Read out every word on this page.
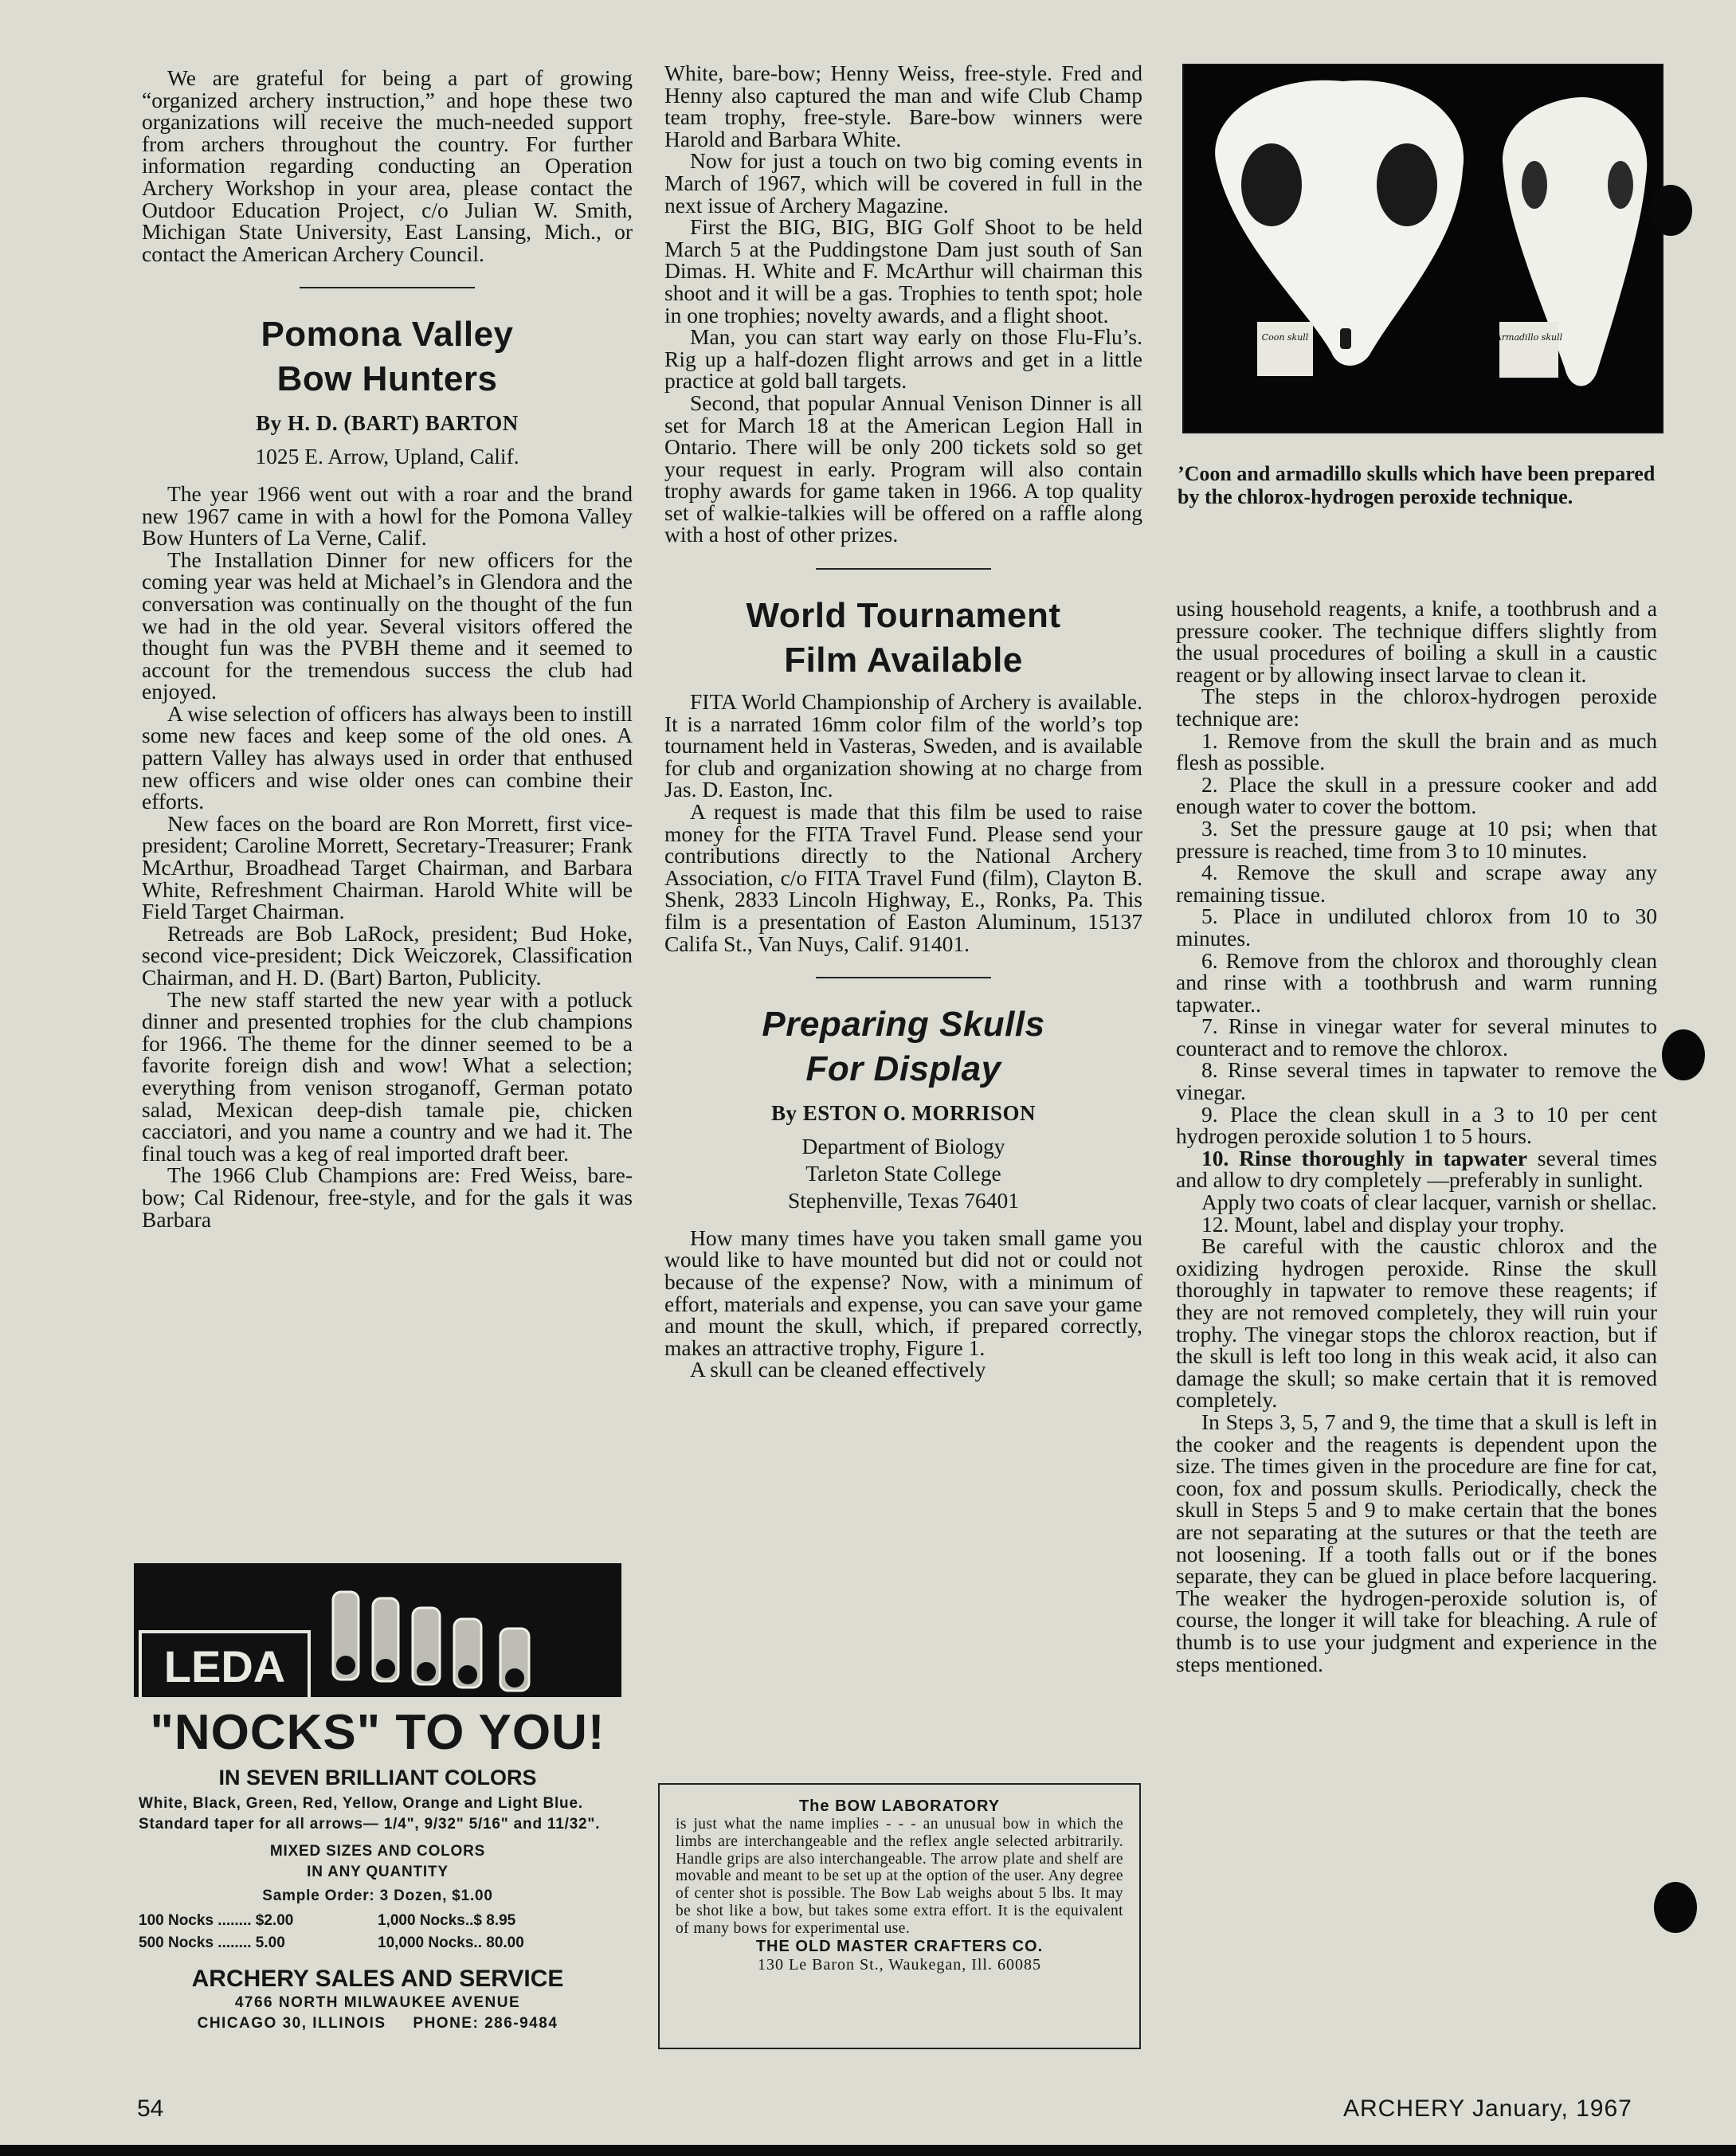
We are grateful for being a part of growing “organized archery instruction,” and hope these two organizations will receive the much-needed support from archers throughout the country. For further information regarding conducting an Operation Archery Workshop in your area, please contact the Outdoor Education Project, c/o Julian W. Smith, Michigan State University, East Lansing, Mich., or contact the American Archery Council.

Pomona Valley
Bow Hunters
By H. D. (BART) BARTON
1025 E. Arrow, Upland, Calif.

The year 1966 went out with a roar and the brand new 1967 came in with a howl for the Pomona Valley Bow Hunters of La Verne, Calif.

The Installation Dinner for new officers for the coming year was held at Michael’s in Glendora and the conversation was continually on the thought of the fun we had in the old year. Several visitors offered the thought fun was the PVBH theme and it seemed to account for the tremendous success the club had enjoyed.

A wise selection of officers has always been to instill some new faces and keep some of the old ones. A pattern Valley has always used in order that enthused new officers and wise older ones can combine their efforts.

New faces on the board are Ron Morrett, first vice-president; Caroline Morrett, Secretary-Treasurer; Frank McArthur, Broadhead Target Chairman, and Barbara White, Refreshment Chairman. Harold White will be Field Target Chairman.

Retreads are Bob LaRock, president; Bud Hoke, second vice-president; Dick Weiczorek, Classification Chairman, and H. D. (Bart) Barton, Publicity.

The new staff started the new year with a potluck dinner and presented trophies for the club champions for 1966. The theme for the dinner seemed to be a favorite foreign dish and wow! What a selection; everything from venison stroganoff, German potato salad, Mexican deep-dish tamale pie, chicken cacciatori, and you name a country and we had it. The final touch was a keg of real imported draft beer.

The 1966 Club Champions are: Fred Weiss, bare-bow; Cal Ridenour, free-style, and for the gals it was Barbara

LEDA
"NOCKS" TO YOU!
IN SEVEN BRILLIANT COLORS
White, Black, Green, Red, Yellow, Orange and Light Blue. Standard taper for all arrows— 1/4", 9/32" 5/16" and 11/32".
MIXED SIZES AND COLORS
IN ANY QUANTITY
Sample Order: 3 Dozen, $1.00
100 Nocks ........ $2.00	1,000 Nocks..$ 8.95
500 Nocks ........ 5.00	10,000 Nocks.. 80.00
ARCHERY SALES AND SERVICE
4766 NORTH MILWAUKEE AVENUE
CHICAGO 30, ILLINOIS     PHONE: 286-9484

White, bare-bow; Henny Weiss, free-style. Fred and Henny also captured the man and wife Club Champ team trophy, free-style. Bare-bow winners were Harold and Barbara White.

Now for just a touch on two big coming events in March of 1967, which will be covered in full in the next issue of Archery Magazine.

First the BIG, BIG, BIG Golf Shoot to be held March 5 at the Puddingstone Dam just south of San Dimas. H. White and F. McArthur will chairman this shoot and it will be a gas. Trophies to tenth spot; hole in one trophies; novelty awards, and a flight shoot.

Man, you can start way early on those Flu-Flu’s. Rig up a half-dozen flight arrows and get in a little practice at gold ball targets.

Second, that popular Annual Venison Dinner is all set for March 18 at the American Legion Hall in Ontario. There will be only 200 tickets sold so get your request in early. Program will also contain trophy awards for game taken in 1966. A top quality set of walkie-talkies will be offered on a raffle along with a host of other prizes.

World Tournament
Film Available

FITA World Championship of Archery is available. It is a narrated 16mm color film of the world’s top tournament held in Vasteras, Sweden, and is available for club and organization showing at no charge from Jas. D. Easton, Inc.

A request is made that this film be used to raise money for the FITA Travel Fund. Please send your contributions directly to the National Archery Association, c/o FITA Travel Fund (film), Clayton B. Shenk, 2833 Lincoln Highway, E., Ronks, Pa. This film is a presentation of Easton Aluminum, 15137 Califa St., Van Nuys, Calif. 91401.

Preparing Skulls
For Display
By ESTON O. MORRISON
Department of Biology
Tarleton State College
Stephenville, Texas 76401

How many times have you taken small game you would like to have mounted but did not or could not because of the expense? Now, with a minimum of effort, materials and expense, you can save your game and mount the skull, which, if prepared correctly, makes an attractive trophy, Figure 1.

A skull can be cleaned effectively

The BOW LABORATORY
is just what the name implies - - - an unusual bow in which the limbs are interchangeable and the reflex angle selected arbitrarily. Handle grips are also interchangeable. The arrow plate and shelf are movable and meant to be set up at the option of the user. Any degree of center shot is possible. The Bow Lab weighs about 5 lbs. It may be shot like a bow, but takes some extra effort. It is the equivalent of many bows for experimental use.
THE OLD MASTER CRAFTERS CO.
130 Le Baron St., Waukegan, Ill. 60085
Coon skull	Armadillo skull
’Coon and armadillo skulls which have been prepared by the chlorox-hydrogen peroxide technique.

using household reagents, a knife, a toothbrush and a pressure cooker. The technique differs slightly from the usual procedures of boiling a skull in a caustic reagent or by allowing insect larvae to clean it.

The steps in the chlorox-hydrogen peroxide technique are:

1. Remove from the skull the brain and as much flesh as possible.

2. Place the skull in a pressure cooker and add enough water to cover the bottom.

3. Set the pressure gauge at 10 psi; when that pressure is reached, time from 3 to 10 minutes.

4. Remove the skull and scrape away any remaining tissue.

5. Place in undiluted chlorox from 10 to 30 minutes.

6. Remove from the chlorox and thoroughly clean and rinse with a toothbrush and warm running tapwater..

7. Rinse in vinegar water for several minutes to counteract and to remove the chlorox.

8. Rinse several times in tapwater to remove the vinegar.

9. Place the clean skull in a 3 to 10 per cent hydrogen peroxide solution 1 to 5 hours.

10. Rinse thoroughly in tapwater several times and allow to dry completely —preferably in sunlight.

Apply two coats of clear lacquer, varnish or shellac.

12. Mount, label and display your trophy.

Be careful with the caustic chlorox and the oxidizing hydrogen peroxide. Rinse the skull thoroughly in tapwater to remove these reagents; if they are not removed completely, they will ruin your trophy. The vinegar stops the chlorox reaction, but if the skull is left too long in this weak acid, it also can damage the skull; so make certain that it is removed completely.

In Steps 3, 5, 7 and 9, the time that a skull is left in the cooker and the reagents is dependent upon the size. The times given in the procedure are fine for cat, coon, fox and possum skulls. Periodically, check the skull in Steps 5 and 9 to make certain that the bones are not separating at the sutures or that the teeth are not loosening. If a tooth falls out or if the bones separate, they can be glued in place before lacquering. The weaker the hydrogen-peroxide solution is, of course, the longer it will take for bleaching. A rule of thumb is to use your judgment and experience in the steps mentioned.

54	ARCHERY January, 1967
